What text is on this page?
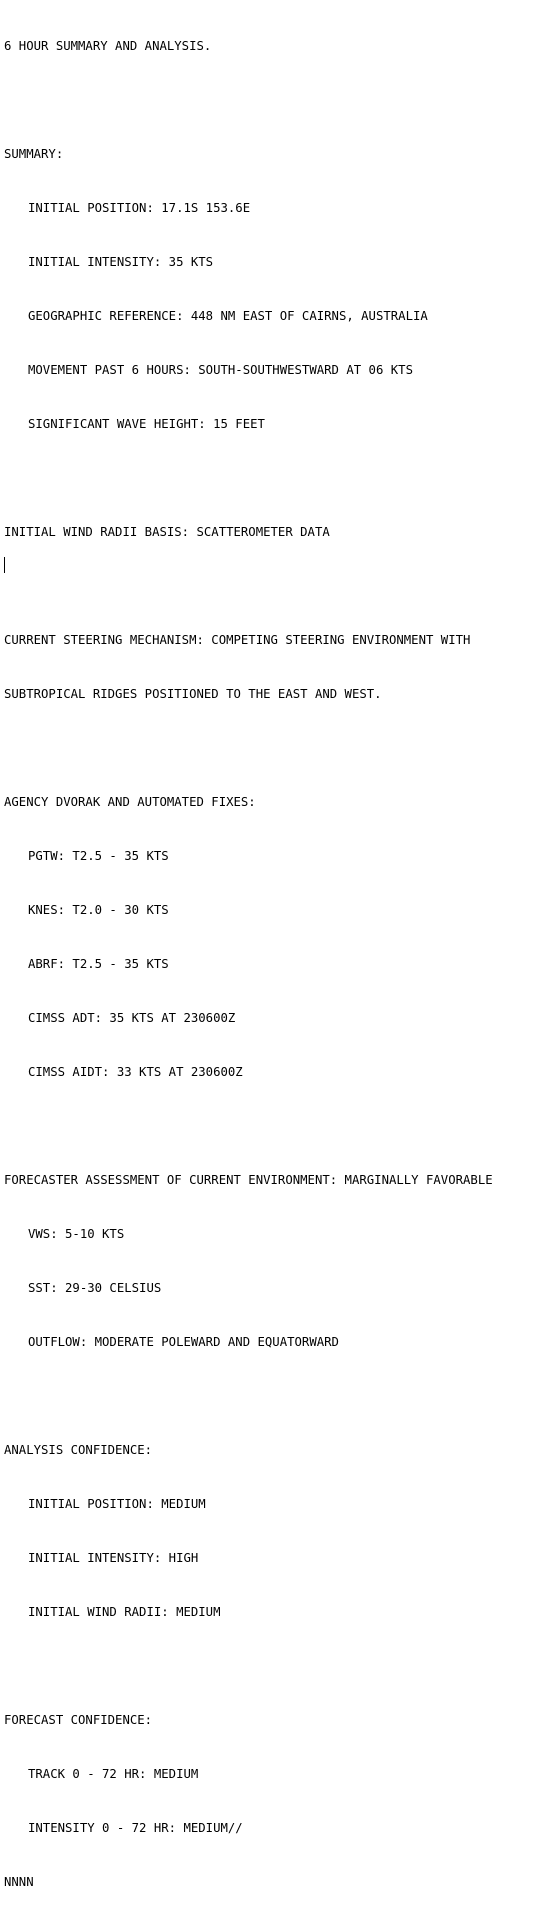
6 HOUR SUMMARY AND ANALYSIS.

SUMMARY:

INITIAL POSITION: 17.1S 153.6E

INITIAL INTENSITY: 35 KTS

GEOGRAPHIC REFERENCE: 448 NM EAST OF CAIRNS, AUSTRALIA

MOVEMENT PAST 6 HOURS: SOUTH-SOUTHWESTWARD AT 06 KTS

SIGNIFICANT WAVE HEIGHT: 15 FEET

INITIAL WIND RADII BASIS: SCATTEROMETER DATA

CURRENT STEERING MECHANISM: COMPETING STEERING ENVIRONMENT WITH

SUBTROPICAL RIDGES POSITIONED TO THE EAST AND WEST.

AGENCY DVORAK AND AUTOMATED FIXES:

PGTW: T2.5 - 35 KTS

KNES: T2.0 - 30 KTS

ABRF: T2.5 - 35 KTS

CIMSS ADT: 35 KTS AT 230600Z

CIMSS AIDT: 33 KTS AT 230600Z

FORECASTER ASSESSMENT OF CURRENT ENVIRONMENT: MARGINALLY FAVORABLE

VWS: 5-10 KTS

SST: 29-30 CELSIUS

OUTFLOW: MODERATE POLEWARD AND EQUATORWARD

ANALYSIS CONFIDENCE:

INITIAL POSITION: MEDIUM

INITIAL INTENSITY: HIGH

INITIAL WIND RADII: MEDIUM

FORECAST CONFIDENCE:

TRACK 0 - 72 HR: MEDIUM

INTENSITY 0 - 72 HR: MEDIUM//

NNNN
